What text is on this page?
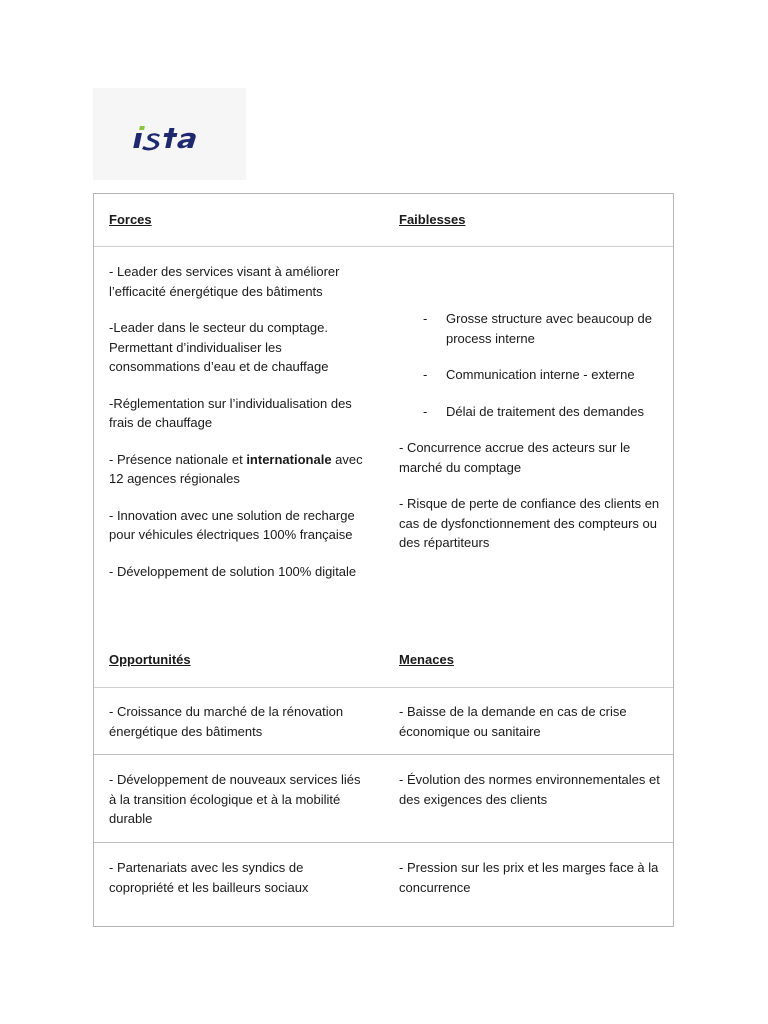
Forces	Faiblesses

- Leader des services visant à améliorer l’efficacité énergétique des bâtiments

-Leader dans le secteur du comptage. Permettant d’individualiser les consommations d’eau et de chauffage

-Réglementation sur l’individualisation des frais de chauffage

- Présence nationale et internationale avec 12 agences régionales

- Innovation avec une solution de recharge pour véhicules électriques 100% française

- Développement de solution 100% digitale

- Grosse structure avec beaucoup de process interne
- Communication interne - externe
- Délai de traitement des demandes

- Concurrence accrue des acteurs sur le marché du comptage

- Risque de perte de confiance des clients en cas de dysfonctionnement des compteurs ou des répartiteurs

Opportunités	Menaces
- Croissance du marché de la rénovation énergétique des bâtiments
- Baisse de la demande en cas de crise économique ou sanitaire
- Développement de nouveaux services liés à la transition écologique et à la mobilité durable
- Évolution des normes environnementales et des exigences des clients
- Partenariats avec les syndics de copropriété et les bailleurs sociaux
- Pression sur les prix et les marges face à la concurrence
